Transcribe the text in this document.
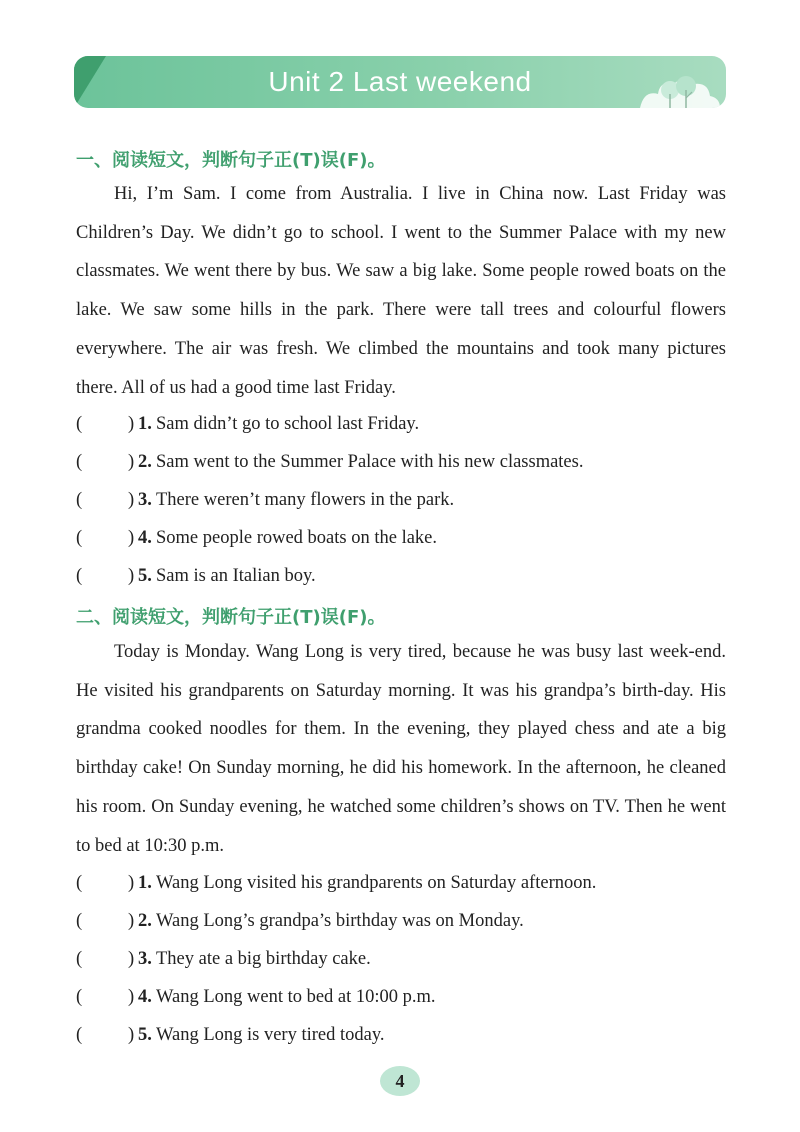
Unit 2 Last weekend
一、阅读短文，判断句子正(T)误(F)。
Hi, I’m Sam. I come from Australia. I live in China now. Last Friday was Children’s Day. We didn’t go to school. I went to the Summer Palace with my new classmates. We went there by bus. We saw a big lake. Some people rowed boats on the lake. We saw some hills in the park. There were tall trees and colourful flowers everywhere. The air was fresh. We climbed the mountains and took many pictures there. All of us had a good time last Friday.
( ) 1. Sam didn’t go to school last Friday.
( ) 2. Sam went to the Summer Palace with his new classmates.
( ) 3. There weren’t many flowers in the park.
( ) 4. Some people rowed boats on the lake.
( ) 5. Sam is an Italian boy.
二、阅读短文，判断句子正(T)误(F)。
Today is Monday. Wang Long is very tired, because he was busy last week-end. He visited his grandparents on Saturday morning. It was his grandpa’s birth-day. His grandma cooked noodles for them. In the evening, they played chess and ate a big birthday cake! On Sunday morning, he did his homework. In the afternoon, he cleaned his room. On Sunday evening, he watched some children’s shows on TV. Then he went to bed at 10:30 p.m.
( ) 1. Wang Long visited his grandparents on Saturday afternoon.
( ) 2. Wang Long’s grandpa’s birthday was on Monday.
( ) 3. They ate a big birthday cake.
( ) 4. Wang Long went to bed at 10:00 p.m.
( ) 5. Wang Long is very tired today.
4
